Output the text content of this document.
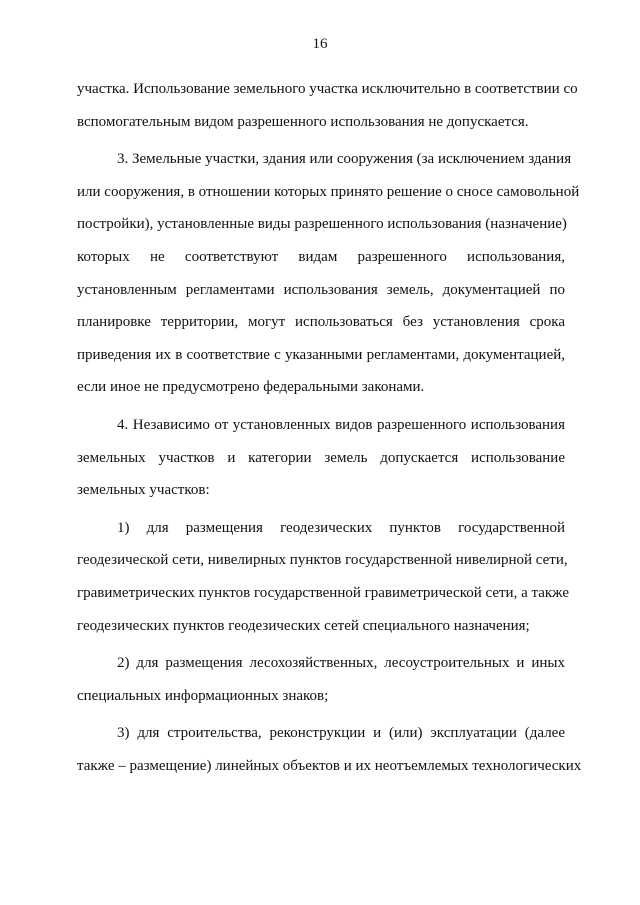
16
участка. Использование земельного участка исключительно в соответствии со
вспомогательным видом разрешенного использования не допускается.
3. Земельные участки, здания или сооружения (за исключением здания
или сооружения, в отношении которых принято решение о сносе самовольной
постройки), установленные виды разрешенного использования (назначение)
которых не соответствуют видам разрешенного использования,
установленным регламентами использования земель, документацией по
планировке территории, могут использоваться без установления срока
приведения их в соответствие с указанными регламентами, документацией,
если иное не предусмотрено федеральными законами.
4. Независимо от установленных видов разрешенного использования
земельных участков и категории земель допускается использование
земельных участков:
1) для размещения геодезических пунктов государственной
геодезической сети, нивелирных пунктов государственной нивелирной сети,
гравиметрических пунктов государственной гравиметрической сети, а также
геодезических пунктов геодезических сетей специального назначения;
2) для размещения лесохозяйственных, лесоустроительных и иных
специальных информационных знаков;
3) для строительства, реконструкции и (или) эксплуатации (далее
также – размещение) линейных объектов и их неотъемлемых технологических
